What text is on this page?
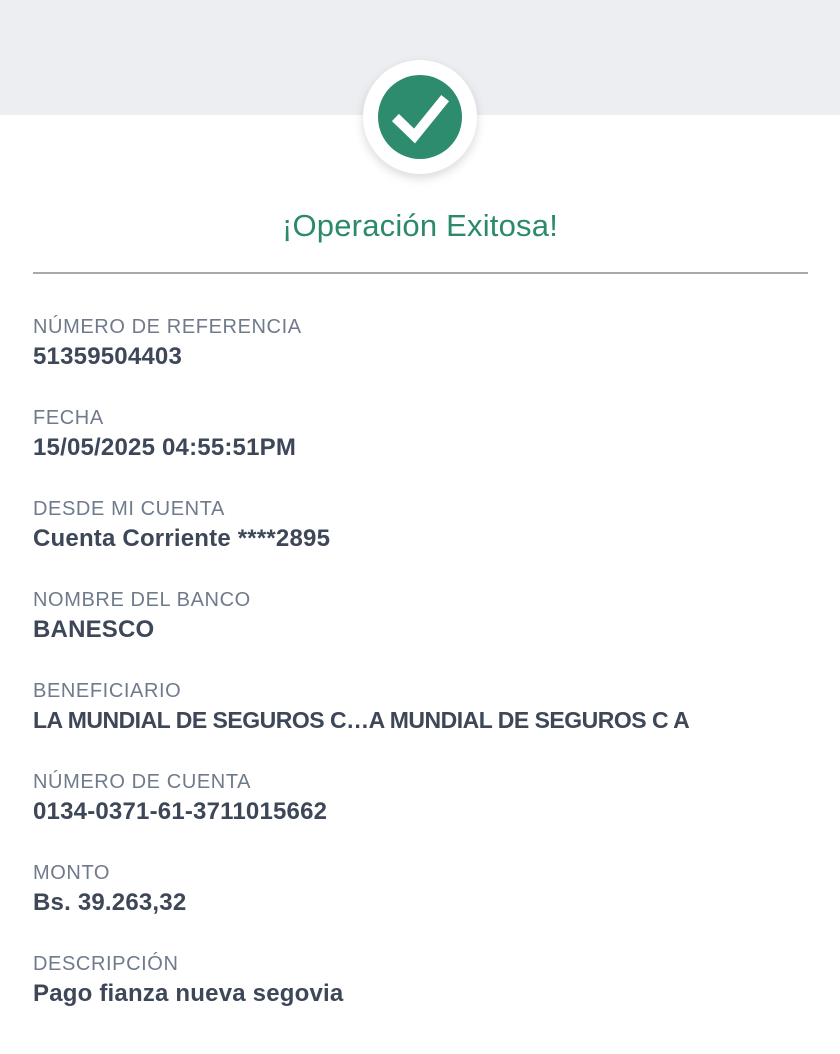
¡Operación Exitosa!
NÚMERO DE REFERENCIA
51359504403
FECHA
15/05/2025 04:55:51PM
DESDE MI CUENTA
Cuenta Corriente ****2895
NOMBRE DEL BANCO
BANESCO
BENEFICIARIO
LA MUNDIAL DE SEGUROS C…A MUNDIAL DE SEGUROS C A
NÚMERO DE CUENTA
0134-0371-61-3711015662
MONTO
Bs. 39.263,32
DESCRIPCIÓN
Pago fianza nueva segovia
